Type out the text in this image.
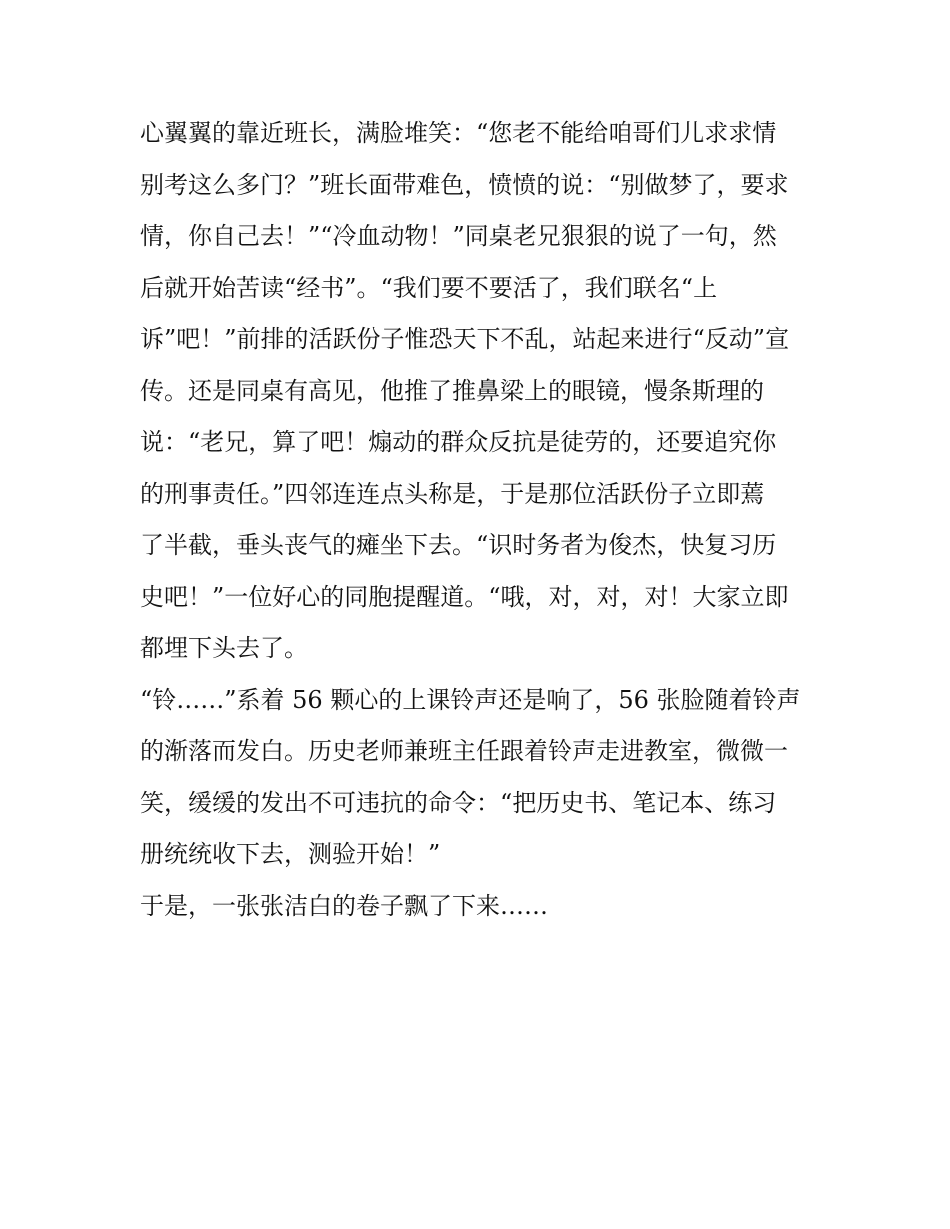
心翼翼的靠近班长，满脸堆笑：“您老不能给咱哥们儿求求情
别考这么多门？”班长面带难色，愤愤的说：“别做梦了，要求
情，你自己去！”“冷血动物！”同桌老兄狠狠的说了一句，然
后就开始苦读“经书”。“我们要不要活了，我们联名“上
诉”吧！”前排的活跃份子惟恐天下不乱，站起来进行“反动”宣
传。还是同桌有高见，他推了推鼻梁上的眼镜，慢条斯理的
说：“老兄，算了吧！煽动的群众反抗是徒劳的，还要追究你
的刑事责任。”四邻连连点头称是，于是那位活跃份子立即蔫
了半截，垂头丧气的瘫坐下去。“识时务者为俊杰，快复习历
史吧！”一位好心的同胞提醒道。“哦，对，对，对！大家立即
都埋下头去了。
“铃……”系着 56 颗心的上课铃声还是响了，56 张脸随着铃声
的渐落而发白。历史老师兼班主任跟着铃声走进教室，微微一
笑，缓缓的发出不可违抗的命令：“把历史书、笔记本、练习
册统统收下去，测验开始！”
于是，一张张洁白的卷子飘了下来……
